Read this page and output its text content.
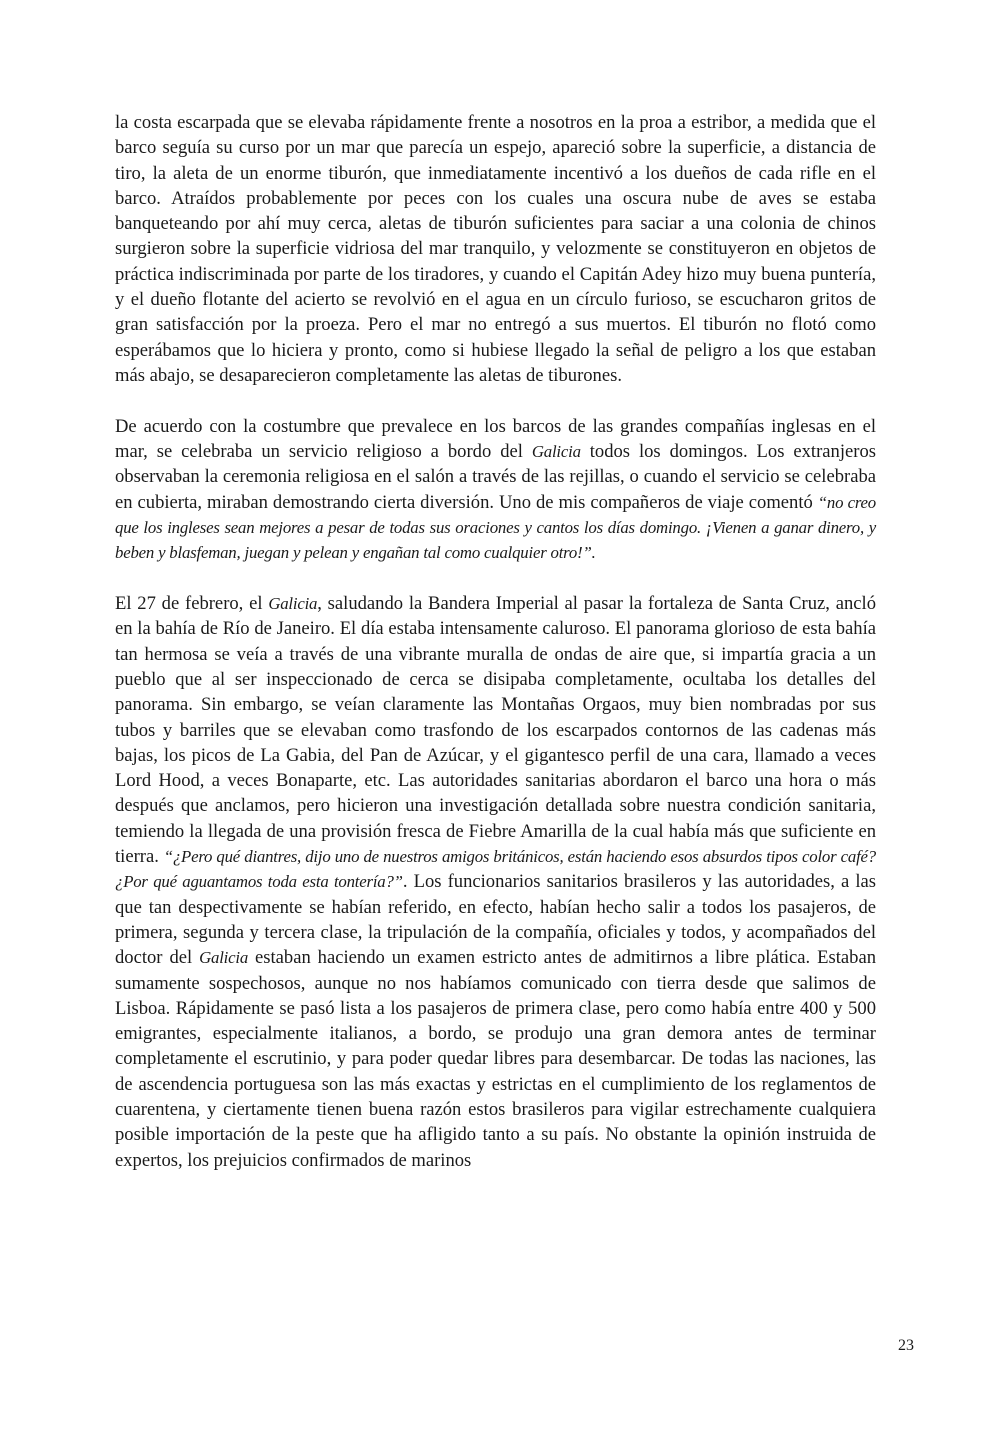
la costa escarpada que se elevaba rápidamente frente a nosotros en la proa a estribor, a medida que el barco seguía su curso por un mar que parecía un espejo, apareció sobre la superficie, a distancia de tiro, la aleta de un enorme tiburón, que inmediatamente incentivó a los dueños de cada rifle en el barco. Atraídos probablemente por peces con los cuales una oscura nube de aves se estaba banqueteando por ahí muy cerca, aletas de tiburón suficientes para saciar a una colonia de chinos surgieron sobre la superficie vidriosa del mar tranquilo, y velozmente se constituyeron en objetos de práctica indiscriminada por parte de los tiradores, y cuando el Capitán Adey hizo muy buena puntería, y el dueño flotante del acierto se revolvió en el agua en un círculo furioso, se escucharon gritos de gran satisfacción por la proeza. Pero el mar no entregó a sus muertos. El tiburón no flotó como esperábamos que lo hiciera y pronto, como si hubiese llegado la señal de peligro a los que estaban más abajo, se desaparecieron completamente las aletas de tiburones.

De acuerdo con la costumbre que prevalece en los barcos de las grandes compañías inglesas en el mar, se celebraba un servicio religioso a bordo del Galicia todos los domingos. Los extranjeros observaban la ceremonia religiosa en el salón a través de las rejillas, o cuando el servicio se celebraba en cubierta, miraban demostrando cierta diversión. Uno de mis compañeros de viaje comentó “no creo que los ingleses sean mejores a pesar de todas sus oraciones y cantos los días domingo. ¡Vienen a ganar dinero, y beben y blasfeman, juegan y pelean y engañan tal como cualquier otro!”.

El 27 de febrero, el Galicia, saludando la Bandera Imperial al pasar la fortaleza de Santa Cruz, ancló en la bahía de Río de Janeiro. El día estaba intensamente caluroso. El panorama glorioso de esta bahía tan hermosa se veía a través de una vibrante muralla de ondas de aire que, si impartía gracia a un pueblo que al ser inspeccionado de cerca se disipaba completamente, ocultaba los detalles del panorama. Sin embargo, se veían claramente las Montañas Orgaos, muy bien nombradas por sus tubos y barriles que se elevaban como trasfondo de los escarpados contornos de las cadenas más bajas, los picos de La Gabia, del Pan de Azúcar, y el gigantesco perfil de una cara, llamado a veces Lord Hood, a veces Bonaparte, etc. Las autoridades sanitarias abordaron el barco una hora o más después que anclamos, pero hicieron una investigación detallada sobre nuestra condición sanitaria, temiendo la llegada de una provisión fresca de Fiebre Amarilla de la cual había más que suficiente en tierra. “¿Pero qué diantres, dijo uno de nuestros amigos británicos, están haciendo esos absurdos tipos color café? ¿Por qué aguantamos toda esta tontería?”. Los funcionarios sanitarios brasileros y las autoridades, a las que tan despectivamente se habían referido, en efecto, habían hecho salir a todos los pasajeros, de primera, segunda y tercera clase, la tripulación de la compañía, oficiales y todos, y acompañados del doctor del Galicia estaban haciendo un examen estricto antes de admitirnos a libre plática. Estaban sumamente sospechosos, aunque no nos habíamos comunicado con tierra desde que salimos de Lisboa. Rápidamente se pasó lista a los pasajeros de primera clase, pero como había entre 400 y 500 emigrantes, especialmente italianos, a bordo, se produjo una gran demora antes de terminar completamente el escrutinio, y para poder quedar libres para desembarcar. De todas las naciones, las de ascendencia portuguesa son las más exactas y estrictas en el cumplimiento de los reglamentos de cuarentena, y ciertamente tienen buena razón estos brasileros para vigilar estrechamente cualquiera posible importación de la peste que ha afligido tanto a su país. No obstante la opinión instruida de expertos, los prejuicios confirmados de marinos

23
